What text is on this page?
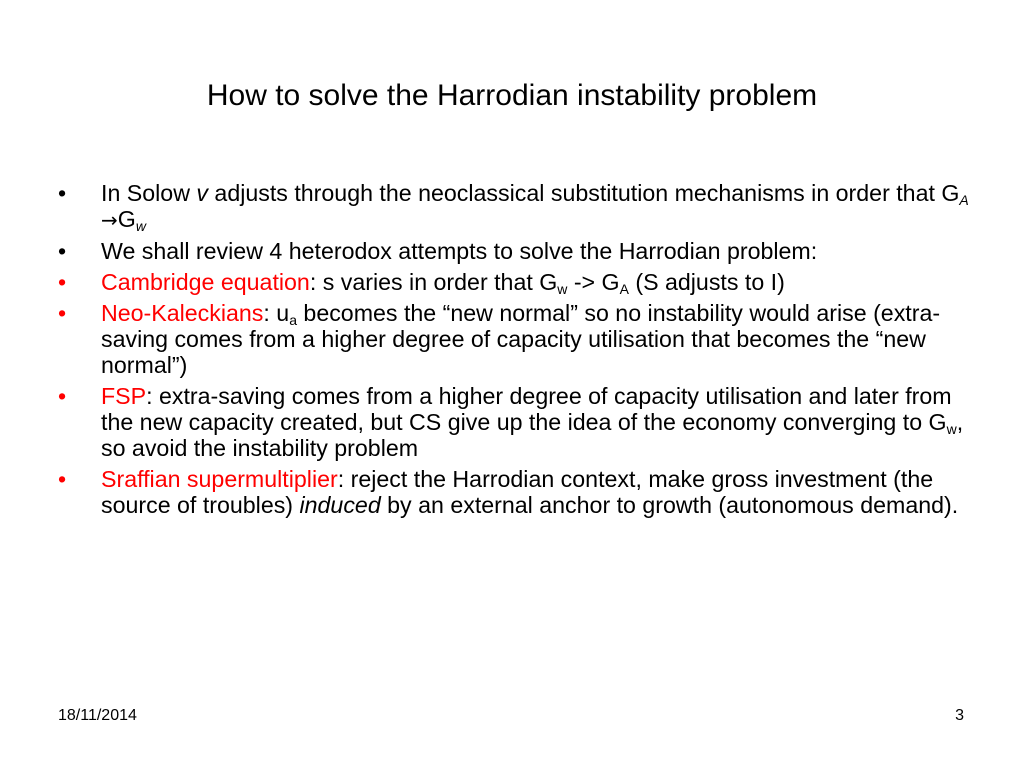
How to solve the Harrodian instability problem
• In Solow v adjusts through the neoclassical substitution mechanisms in order that $G_A \to G_w$
• We shall review 4 heterodox attempts to solve the Harrodian problem:
• Cambridge equation: s varies in order that $G_w -> G_A$ (S adjusts to I)
• Neo-Kaleckians: $u_a$ becomes the “new normal” so no instability would arise (extra-saving comes from a higher degree of capacity utilisation that becomes the “new normal”)
• FSP: extra-saving comes from a higher degree of capacity utilisation and later from the new capacity created, but CS give up the idea of the economy converging to $G_w$, so avoid the instability problem
• Sraffian supermultiplier: reject the Harrodian context, make gross investment (the source of troubles) induced by an external anchor to growth (autonomous demand).
18/11/2014	3
